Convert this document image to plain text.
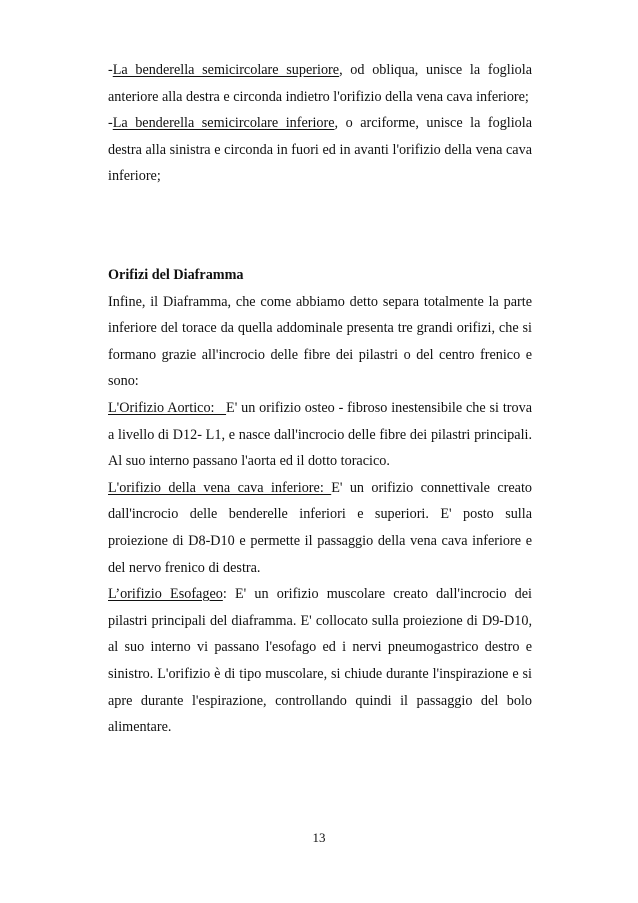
-La benderella semicircolare superiore, od obliqua, unisce la fogliola anteriore alla destra e circonda indietro l'orifizio della vena cava inferiore;

-La benderella semicircolare inferiore, o arciforme, unisce la fogliola destra alla sinistra e circonda in fuori ed in avanti l'orifizio della vena cava inferiore;

Orifizi del Diaframma

Infine, il Diaframma, che come abbiamo detto separa totalmente la parte inferiore del torace da quella addominale presenta tre grandi orifizi, che si formano grazie all'incrocio delle fibre dei pilastri o del centro frenico e sono:

L'Orifizio Aortico:   E' un orifizio osteo - fibroso inestensibile che si trova a livello di D12- L1, e nasce dall'incrocio delle fibre dei pilastri principali. Al suo interno passano l'aorta ed il dotto toracico.

L'orifizio della vena cava inferiore: E' un orifizio connettivale creato dall'incrocio delle benderelle inferiori e superiori. E' posto sulla proiezione di D8-D10 e permette il passaggio della vena cava inferiore e del nervo frenico di destra.

L’orifizio Esofageo: E' un orifizio muscolare creato dall'incrocio dei pilastri principali del diaframma. E' collocato sulla proiezione di D9-D10, al suo interno vi passano l'esofago ed i nervi pneumogastrico destro e sinistro. L'orifizio è di tipo muscolare, si chiude durante l'inspirazione e si apre durante l'espirazione, controllando quindi il passaggio del bolo alimentare.

13
